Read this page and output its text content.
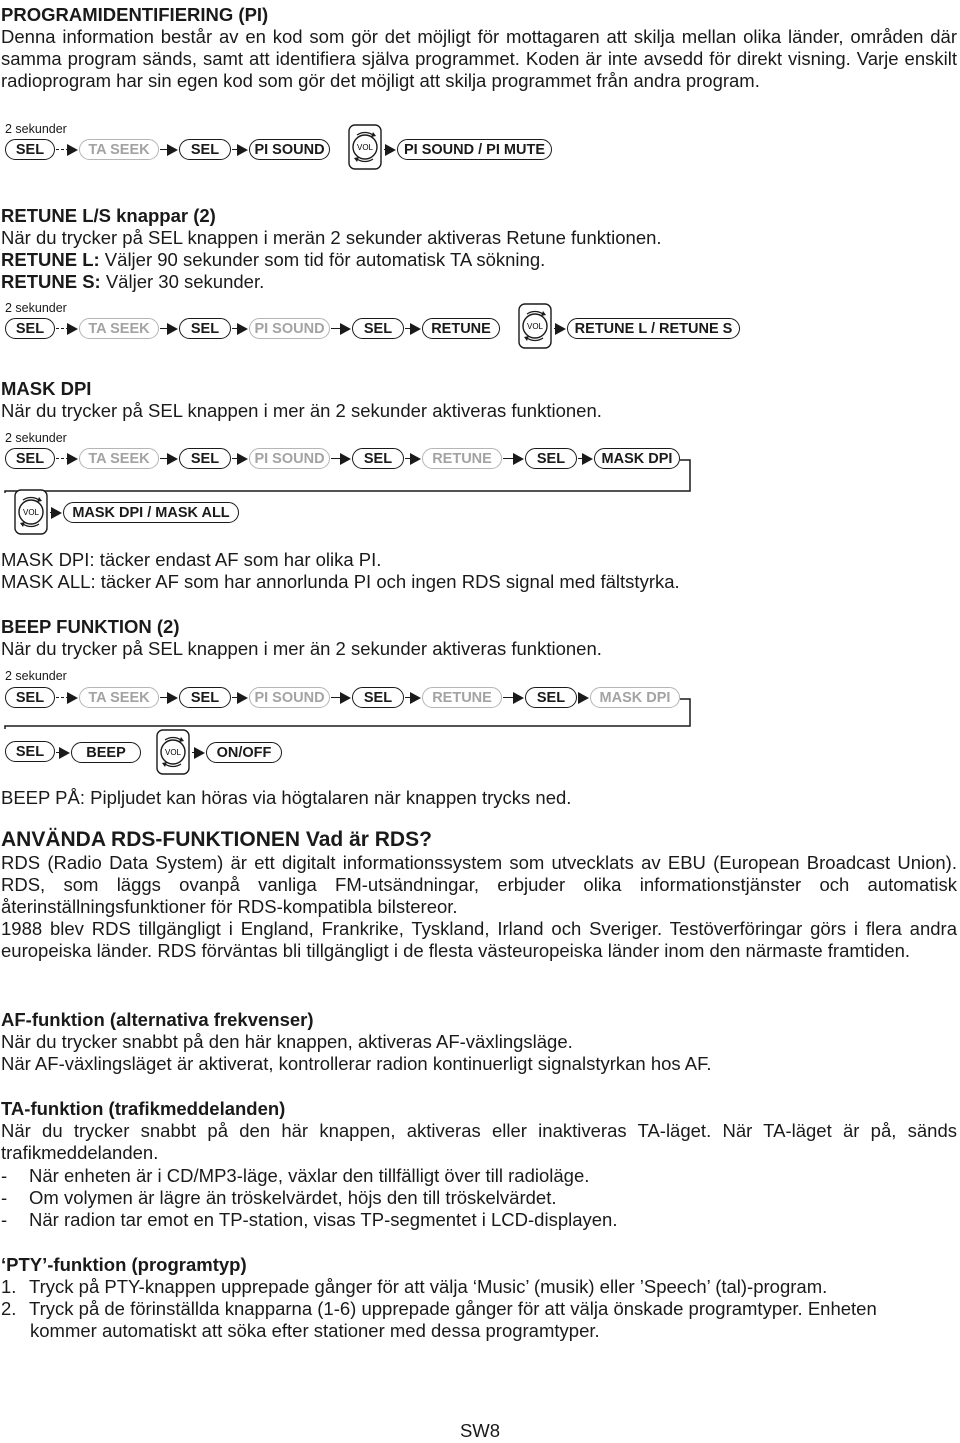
PROGRAMIDENTIFIERING (PI)

Denna information består av en kod som gör det möjligt för mottagaren att skilja mellan olika länder, områden där samma program sänds, samt att identifiera själva programmet. Koden är inte avsedd för direkt visning. Varje enskilt radioprogram har sin egen kod som gör det möjligt att skilja programmet från andra program.

2 sekunder
SEL	TA SEEK	SEL	PI SOUND	VOL	PI SOUND / PI MUTE

RETUNE L/S knappar (2)

När du trycker på SEL knappen i merän 2 sekunder aktiveras Retune funktionen.

RETUNE L: Väljer 90 sekunder som tid för automatisk TA sökning.

RETUNE S: Väljer 30 sekunder.

2 sekunder
SEL	TA SEEK	SEL	PI SOUND	SEL	RETUNE	VOL	RETUNE L / RETUNE S

MASK DPI

När du trycker på SEL knappen i mer än 2 sekunder aktiveras funktionen.

2 sekunder
SEL	TA SEEK	SEL	PI SOUND	SEL	RETUNE	SEL	MASK DPI
VOL	MASK DPI / MASK ALL

MASK DPI: täcker endast AF som har olika PI.

MASK ALL: täcker AF som har annorlunda PI och ingen RDS signal med fältstyrka.

BEEP FUNKTION (2)

När du trycker på SEL knappen i mer än 2 sekunder aktiveras funktionen.

2 sekunder
SEL	TA SEEK	SEL	PI SOUND	SEL	RETUNE	SEL	MASK DPI
SEL	BEEP	VOL	ON/OFF

BEEP PÅ: Pipljudet kan höras via högtalaren när knappen trycks ned.

ANVÄNDA RDS-FUNKTIONEN Vad är RDS?

RDS (Radio Data System) är ett digitalt informationssystem som utvecklats av EBU (European Broadcast Union). RDS, som läggs ovanpå vanliga FM-utsändningar, erbjuder olika informationstjänster och automatisk återinställningsfunktioner för RDS-kompatibla bilstereor.

1988 blev RDS tillgängligt i England, Frankrike, Tyskland, Irland och Sveriger. Testöverföringar görs i flera andra europeiska länder. RDS förväntas bli tillgängligt i de flesta västeuropeiska länder inom den närmaste framtiden.

AF-funktion (alternativa frekvenser)

När du trycker snabbt på den här knappen, aktiveras AF-växlingsläge.

När AF-växlingsläget är aktiverat, kontrollerar radion kontinuerligt signalstyrkan hos AF.

TA-funktion (trafikmeddelanden)

När du trycker snabbt på den här knappen, aktiveras eller inaktiveras TA-läget. När TA-läget är på, sänds trafikmeddelanden.

- När enheten är i CD/MP3-läge, växlar den tillfälligt över till radioläge.
- Om volymen är lägre än tröskelvärdet, höjs den till tröskelvärdet.
- När radion tar emot en TP-station, visas TP-segmentet i LCD-displayen.

‘PTY’-funktion (programtyp)

1. Tryck på PTY-knappen upprepade gånger för att välja ‘Music’ (musik) eller ’Speech’ (tal)-program.
2. Tryck på de förinställda knapparna (1-6) upprepade gånger för att välja önskade programtyper. Enheten
kommer automatiskt att söka efter stationer med dessa programtyper.
SW8
